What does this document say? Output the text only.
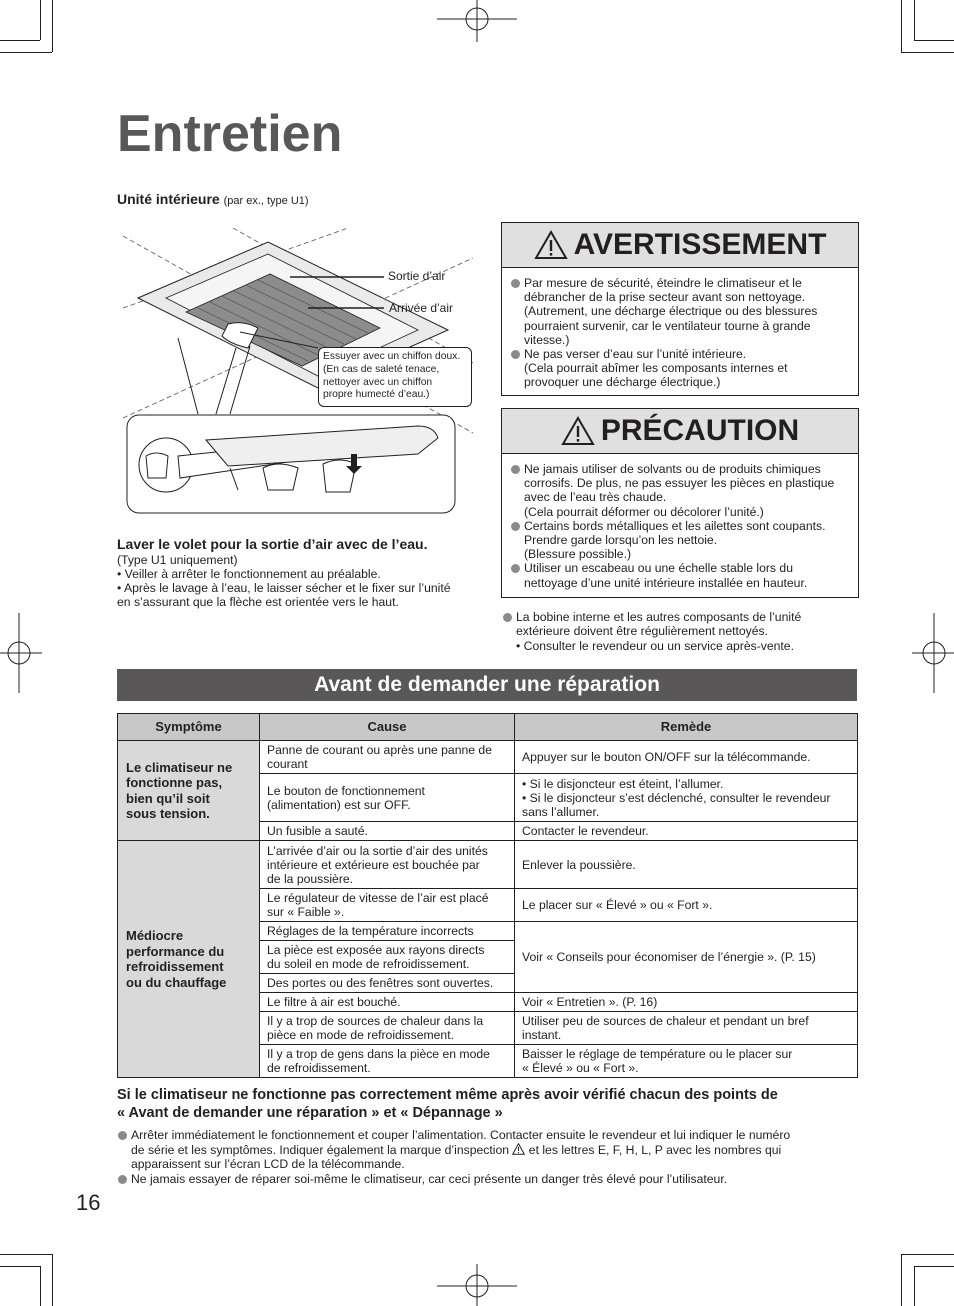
Entretien
Unité intérieure (par ex., type U1)
Sortie d’air
Arrivée d’air
Essuyer avec un chiffon doux.
(En cas de saleté tenace,
nettoyer avec un chiffon
propre humecté d’eau.)
Laver le volet pour la sortie d’air avec de l’eau.
(Type U1 uniquement)
• Veiller à arrêter le fonctionnement au préalable.
• Après le lavage à l’eau, le laisser sécher et le fixer sur l’unité
en s’assurant que la flèche est orientée vers le haut.
AVERTISSEMENT
Par mesure de sécurité, éteindre le climatiseur et le
débrancher de la prise secteur avant son nettoyage.
(Autrement, une décharge électrique ou des blessures
pourraient survenir, car le ventilateur tourne à grande
vitesse.)
Ne pas verser d’eau sur l’unité intérieure.
(Cela pourrait abîmer les composants internes et
provoquer une décharge électrique.)
PRÉCAUTION
Ne jamais utiliser de solvants ou de produits chimiques
corrosifs. De plus, ne pas essuyer les pièces en plastique
avec de l’eau très chaude.
(Cela pourrait déformer ou décolorer l’unité.)
Certains bords métalliques et les ailettes sont coupants.
Prendre garde lorsqu’on les nettoie.
(Blessure possible.)
Utiliser un escabeau ou une échelle stable lors du
nettoyage d’une unité intérieure installée en hauteur.
La bobine interne et les autres composants de l’unité
extérieure doivent être régulièrement nettoyés.
• Consulter le revendeur ou un service après-vente.
Avant de demander une réparation
Symptôme	Cause	Remède
Le climatiseur ne
fonctionne pas,
bien qu’il soit
sous tension.	Panne de courant ou après une panne de
courant	Appuyer sur le bouton ON/OFF sur la télécommande.
	Le bouton de fonctionnement
(alimentation) est sur OFF.	• Si le disjoncteur est éteint, l’allumer.
• Si le disjoncteur s’est déclenché, consulter le revendeur
sans l’allumer.
	Un fusible a sauté.	Contacter le revendeur.
Médiocre
performance du
refroidissement
ou du chauffage	L’arrivée d’air ou la sortie d’air des unités
intérieure et extérieure est bouchée par
de la poussière.	Enlever la poussière.
	Le régulateur de vitesse de l’air est placé
sur « Faible ».	Le placer sur « Élevé » ou « Fort ».
	Réglages de la température incorrects	Voir « Conseils pour économiser de l’énergie ». (P. 15)
	La pièce est exposée aux rayons directs
du soleil en mode de refroidissement.	
	Des portes ou des fenêtres sont ouvertes.	
	Le filtre à air est bouché.	Voir « Entretien ». (P. 16)
	Il y a trop de sources de chaleur dans la
pièce en mode de refroidissement.	Utiliser peu de sources de chaleur et pendant un bref
instant.
	Il y a trop de gens dans la pièce en mode
de refroidissement.	Baisser le réglage de température ou le placer sur
« Élevé » ou « Fort ».
Si le climatiseur ne fonctionne pas correctement même après avoir vérifié chacun des points de
« Avant de demander une réparation » et « Dépannage »
Arrêter immédiatement le fonctionnement et couper l’alimentation. Contacter ensuite le revendeur et lui indiquer le numéro
de série et les symptômes. Indiquer également la marque d’inspection et les lettres E, F, H, L, P avec les nombres qui
apparaissent sur l’écran LCD de la télécommande.
Ne jamais essayer de réparer soi-même le climatiseur, car ceci présente un danger très élevé pour l’utilisateur.
16
